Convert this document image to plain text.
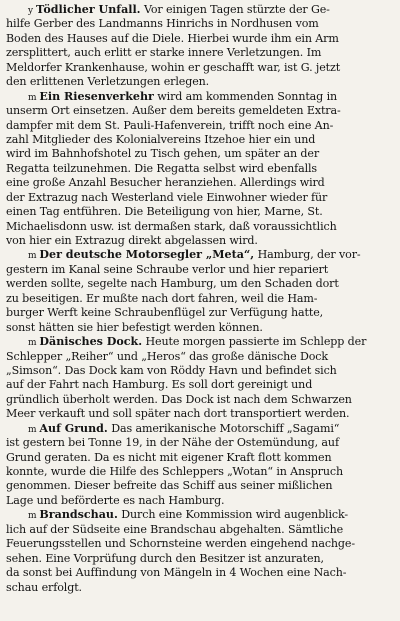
y Tödlicher Unfall. Vor einigen Tagen stürzte der Ge-
hilfe Gerber des Landmanns Hinrichs in Nordhusen vom
Boden des Hauses auf die Diele. Hierbei wurde ihm ein Arm
zersplittert, auch erlitt er starke innere Verletzungen. Im
Meldorfer Krankenhause, wohin er geschafft war, ist G. jetzt
den erlittenen Verletzungen erlegen.
m Ein Riesenverkehr wird am kommenden Sonntag in
unserm Ort einsetzen. Außer dem bereits gemeldeten Extra-
dampfer mit dem St. Pauli-Hafenverein, trifft noch eine An-
zahl Mitglieder des Kolonialvereins Itzehoe hier ein und
wird im Bahnhofshotel zu Tisch gehen, um später an der
Regatta teilzunehmen. Die Regatta selbst wird ebenfalls
eine große Anzahl Besucher heranziehen. Allerdings wird
der Extrazug nach Westerland viele Einwohner wieder für
einen Tag entführen. Die Beteiligung von hier, Marne, St.
Michaelisdonn usw. ist dermaßen stark, daß voraussichtlich
von hier ein Extrazug direkt abgelassen wird.
m Der deutsche Motorsegler „Meta“, Hamburg, der vor-
gestern im Kanal seine Schraube verlor und hier repariert
werden sollte, segelte nach Hamburg, um den Schaden dort
zu beseitigen. Er mußte nach dort fahren, weil die Ham-
burger Werft keine Schraubenflügel zur Verfügung hatte,
sonst hätten sie hier befestigt werden können.
m Dänisches Dock. Heute morgen passierte im Schlepp der
Schlepper „Reiher“ und „Heros“ das große dänische Dock
„Simson“. Das Dock kam von Röddy Havn und befindet sich
auf der Fahrt nach Hamburg. Es soll dort gereinigt und
gründlich überholt werden. Das Dock ist nach dem Schwarzen
Meer verkauft und soll später nach dort transportiert werden.
m Auf Grund. Das amerikanische Motorschiff „Sagami“
ist gestern bei Tonne 19, in der Nähe der Ostemündung, auf
Grund geraten. Da es nicht mit eigener Kraft flott kommen
konnte, wurde die Hilfe des Schleppers „Wotan“ in Anspruch
genommen. Dieser befreite das Schiff aus seiner mißlichen
Lage und beförderte es nach Hamburg.
m Brandschau. Durch eine Kommission wird augenblick-
lich auf der Südseite eine Brandschau abgehalten. Sämtliche
Feuerungsstellen und Schornsteine werden eingehend nachge-
sehen. Eine Vorprüfung durch den Besitzer ist anzuraten,
da sonst bei Auffindung von Mängeln in 4 Wochen eine Nach-
schau erfolgt.
